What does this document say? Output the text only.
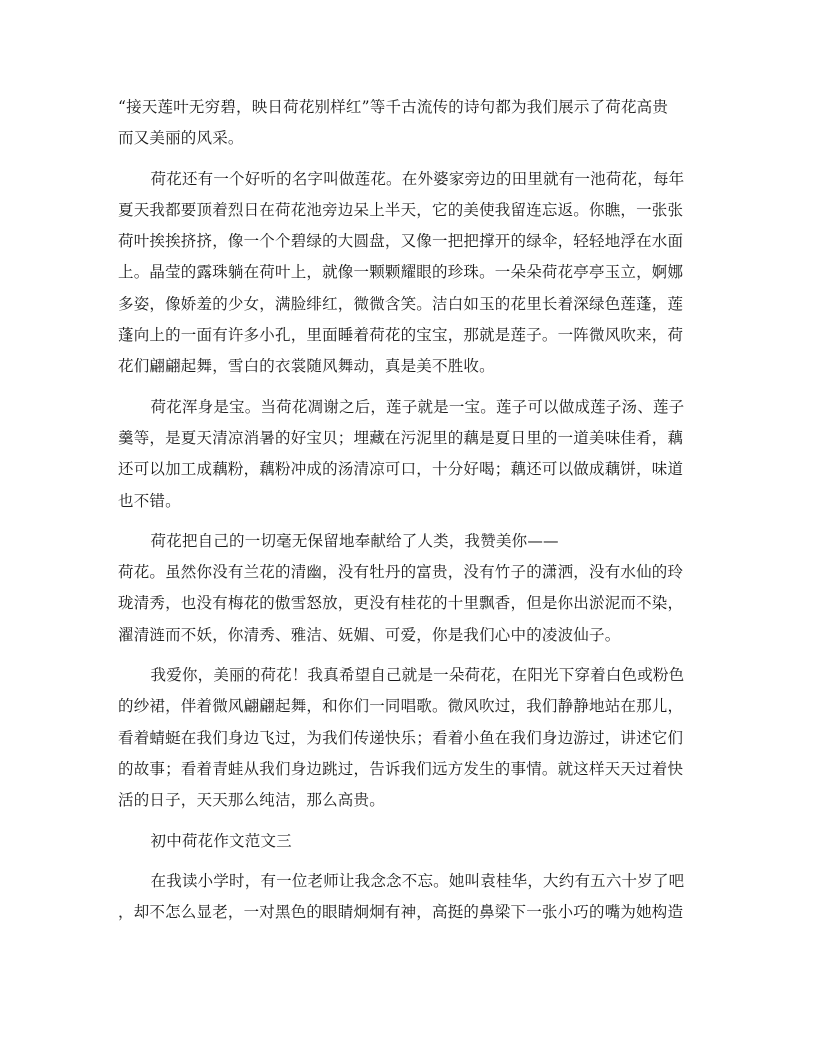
“接天莲叶无穷碧，映日荷花别样红”等千古流传的诗句都为我们展示了荷花高贵
而又美丽的风采。

荷花还有一个好听的名字叫做莲花。在外婆家旁边的田里就有一池荷花，每年
夏天我都要顶着烈日在荷花池旁边呆上半天，它的美使我留连忘返。你瞧，一张张
荷叶挨挨挤挤，像一个个碧绿的大圆盘，又像一把把撑开的绿伞，轻轻地浮在水面
上。晶莹的露珠躺在荷叶上，就像一颗颗耀眼的珍珠。一朵朵荷花亭亭玉立，婀娜
多姿，像娇羞的少女，满脸绯红，微微含笑。洁白如玉的花里长着深绿色莲蓬，莲
蓬向上的一面有许多小孔，里面睡着荷花的宝宝，那就是莲子。一阵微风吹来，荷
花们翩翩起舞，雪白的衣裳随风舞动，真是美不胜收。

荷花浑身是宝。当荷花凋谢之后，莲子就是一宝。莲子可以做成莲子汤、莲子
羹等，是夏天清凉消暑的好宝贝；埋藏在污泥里的藕是夏日里的一道美味佳肴，藕
还可以加工成藕粉，藕粉冲成的汤清凉可口，十分好喝；藕还可以做成藕饼，味道
也不错。

荷花把自己的一切毫无保留地奉献给了人类，我赞美你——
荷花。虽然你没有兰花的清幽，没有牡丹的富贵，没有竹子的潇洒，没有水仙的玲
珑清秀，也没有梅花的傲雪怒放，更没有桂花的十里飘香，但是你出淤泥而不染，
濯清涟而不妖，你清秀、雅洁、妩媚、可爱，你是我们心中的凌波仙子。

我爱你，美丽的荷花！我真希望自己就是一朵荷花，在阳光下穿着白色或粉色
的纱裙，伴着微风翩翩起舞，和你们一同唱歌。微风吹过，我们静静地站在那儿，
看着蜻蜓在我们身边飞过，为我们传递快乐；看着小鱼在我们身边游过，讲述它们
的故事；看着青蛙从我们身边跳过，告诉我们远方发生的事情。就这样天天过着快
活的日子，天天那么纯洁，那么高贵。

初中荷花作文范文三

在我读小学时，有一位老师让我念念不忘。她叫袁桂华，大约有五六十岁了吧
，却不怎么显老，一对黑色的眼睛炯炯有神，高挺的鼻梁下一张小巧的嘴为她构造
